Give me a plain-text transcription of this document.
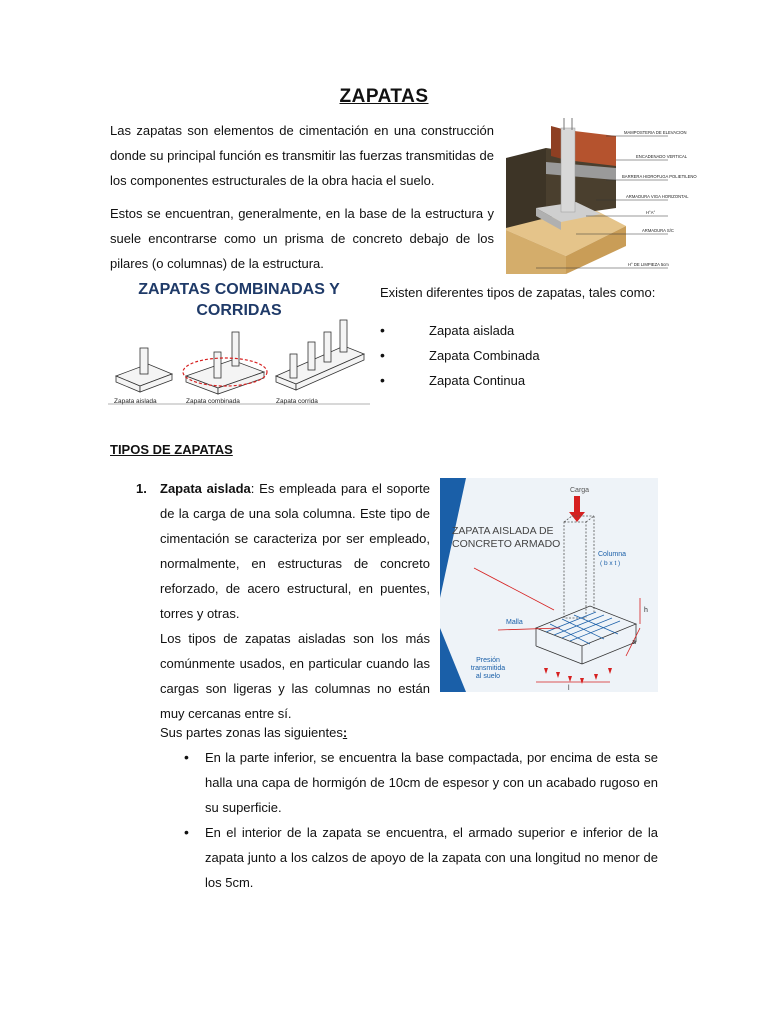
ZAPATAS
Las zapatas son elementos de cimentación en una construcción donde su principal función es transmitir las fuerzas transmitidas de los componentes estructurales de la obra hacia el suelo.
Estos se encuentran, generalmente, en la base de la estructura y suele encontrarse como un prisma de concreto debajo de los pilares (o columnas) de la estructura.
MAMPOSTERIA DE ELEVACION
ENCADENADO VERTICAL
BARRERA HIDROFUGA POLIETILENO
ARMADURA VIGA HORIZONTAL
H°A°
ARMADURA S/C
H° DE LIMPIEZA 5cm
ZAPATAS COMBINADAS Y
CORRIDAS
Zapata aislada	Zapata combinada	Zapata corrida
Existen diferentes tipos de zapatas, tales como:
• Zapata aislada
• Zapata Combinada
• Zapata Continua
TIPOS DE ZAPATAS
1. Zapata aislada: Es empleada para el soporte de la carga de una sola columna. Este tipo de cimentación se caracteriza por ser empleado, normalmente, en estructuras de concreto reforzado, de acero estructural, en puentes, torres y otras.
Los tipos de zapatas aisladas son los más comúnmente usados, en particular cuando las cargas son ligeras y las columnas no están muy cercanas entre sí.
ZAPATA AISLADA DE
CONCRETO ARMADO
Carga
Columna
( b x t )
Malla
Presión
transmitida
al suelo
l
h
a
Sus partes zonas las siguientes:
• En la parte inferior, se encuentra la base compactada, por encima de esta se halla una capa de hormigón de 10cm de espesor y con un acabado rugoso en su superficie.
• En el interior de la zapata se encuentra, el armado superior e inferior de la zapata junto a los calzos de apoyo de la zapata con una longitud no menor de los 5cm.
